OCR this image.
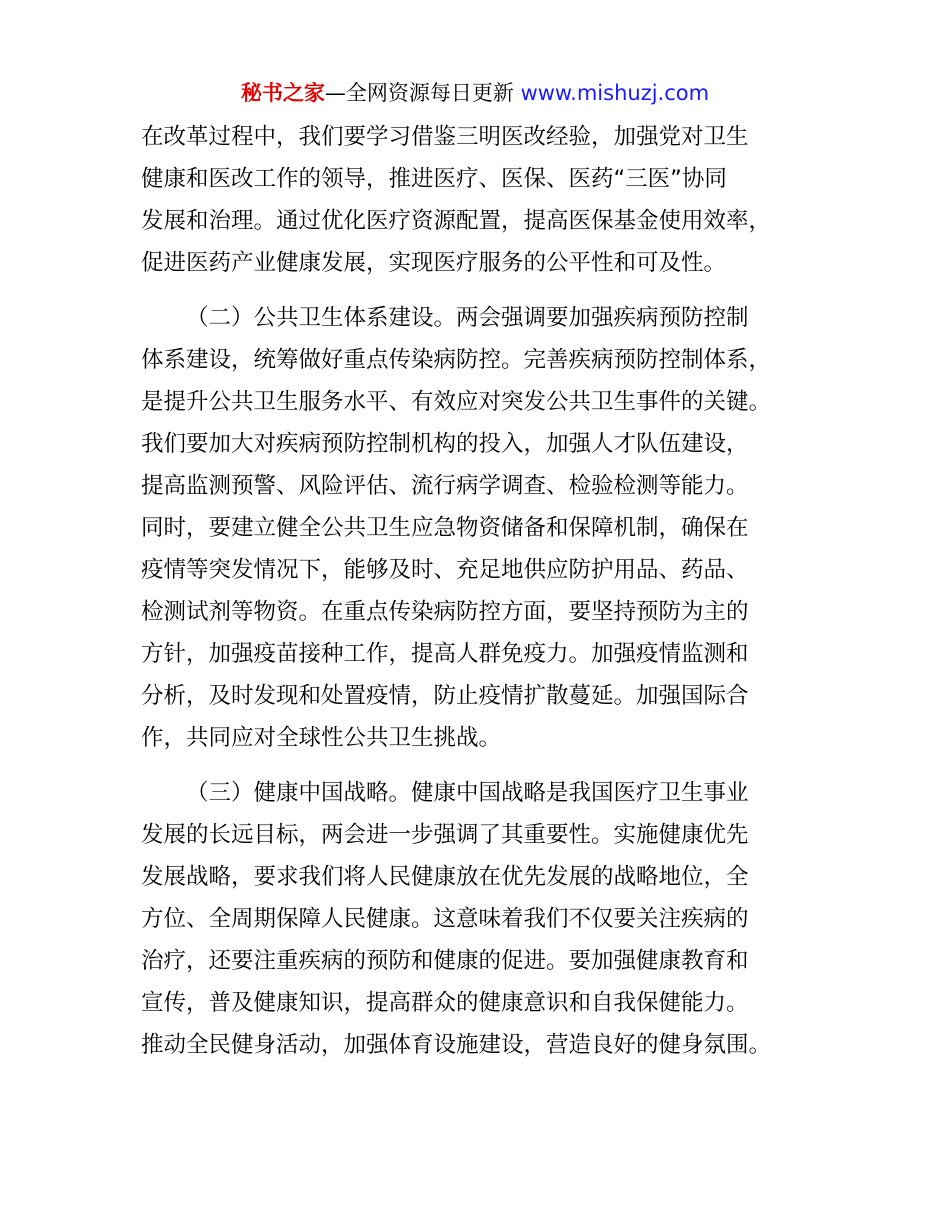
秘书之家—全网资源每日更新 www.mishuzj.com

在改革过程中，我们要学习借鉴三明医改经验，加强党对卫生
健康和医改工作的领导，推进医疗、医保、医药“三医”协同
发展和治理。通过优化医疗资源配置，提高医保基金使用效率，
促进医药产业健康发展，实现医疗服务的公平性和可及性。

（二）公共卫生体系建设。两会强调要加强疾病预防控制
体系建设，统筹做好重点传染病防控。完善疾病预防控制体系，
是提升公共卫生服务水平、有效应对突发公共卫生事件的关键。
我们要加大对疾病预防控制机构的投入，加强人才队伍建设，
提高监测预警、风险评估、流行病学调查、检验检测等能力。
同时，要建立健全公共卫生应急物资储备和保障机制，确保在
疫情等突发情况下，能够及时、充足地供应防护用品、药品、
检测试剂等物资。在重点传染病防控方面，要坚持预防为主的
方针，加强疫苗接种工作，提高人群免疫力。加强疫情监测和
分析，及时发现和处置疫情，防止疫情扩散蔓延。加强国际合
作，共同应对全球性公共卫生挑战。

（三）健康中国战略。健康中国战略是我国医疗卫生事业
发展的长远目标，两会进一步强调了其重要性。实施健康优先
发展战略，要求我们将人民健康放在优先发展的战略地位，全
方位、全周期保障人民健康。这意味着我们不仅要关注疾病的
治疗，还要注重疾病的预防和健康的促进。要加强健康教育和
宣传，普及健康知识，提高群众的健康意识和自我保健能力。
推动全民健身活动，加强体育设施建设，营造良好的健身氛围。
